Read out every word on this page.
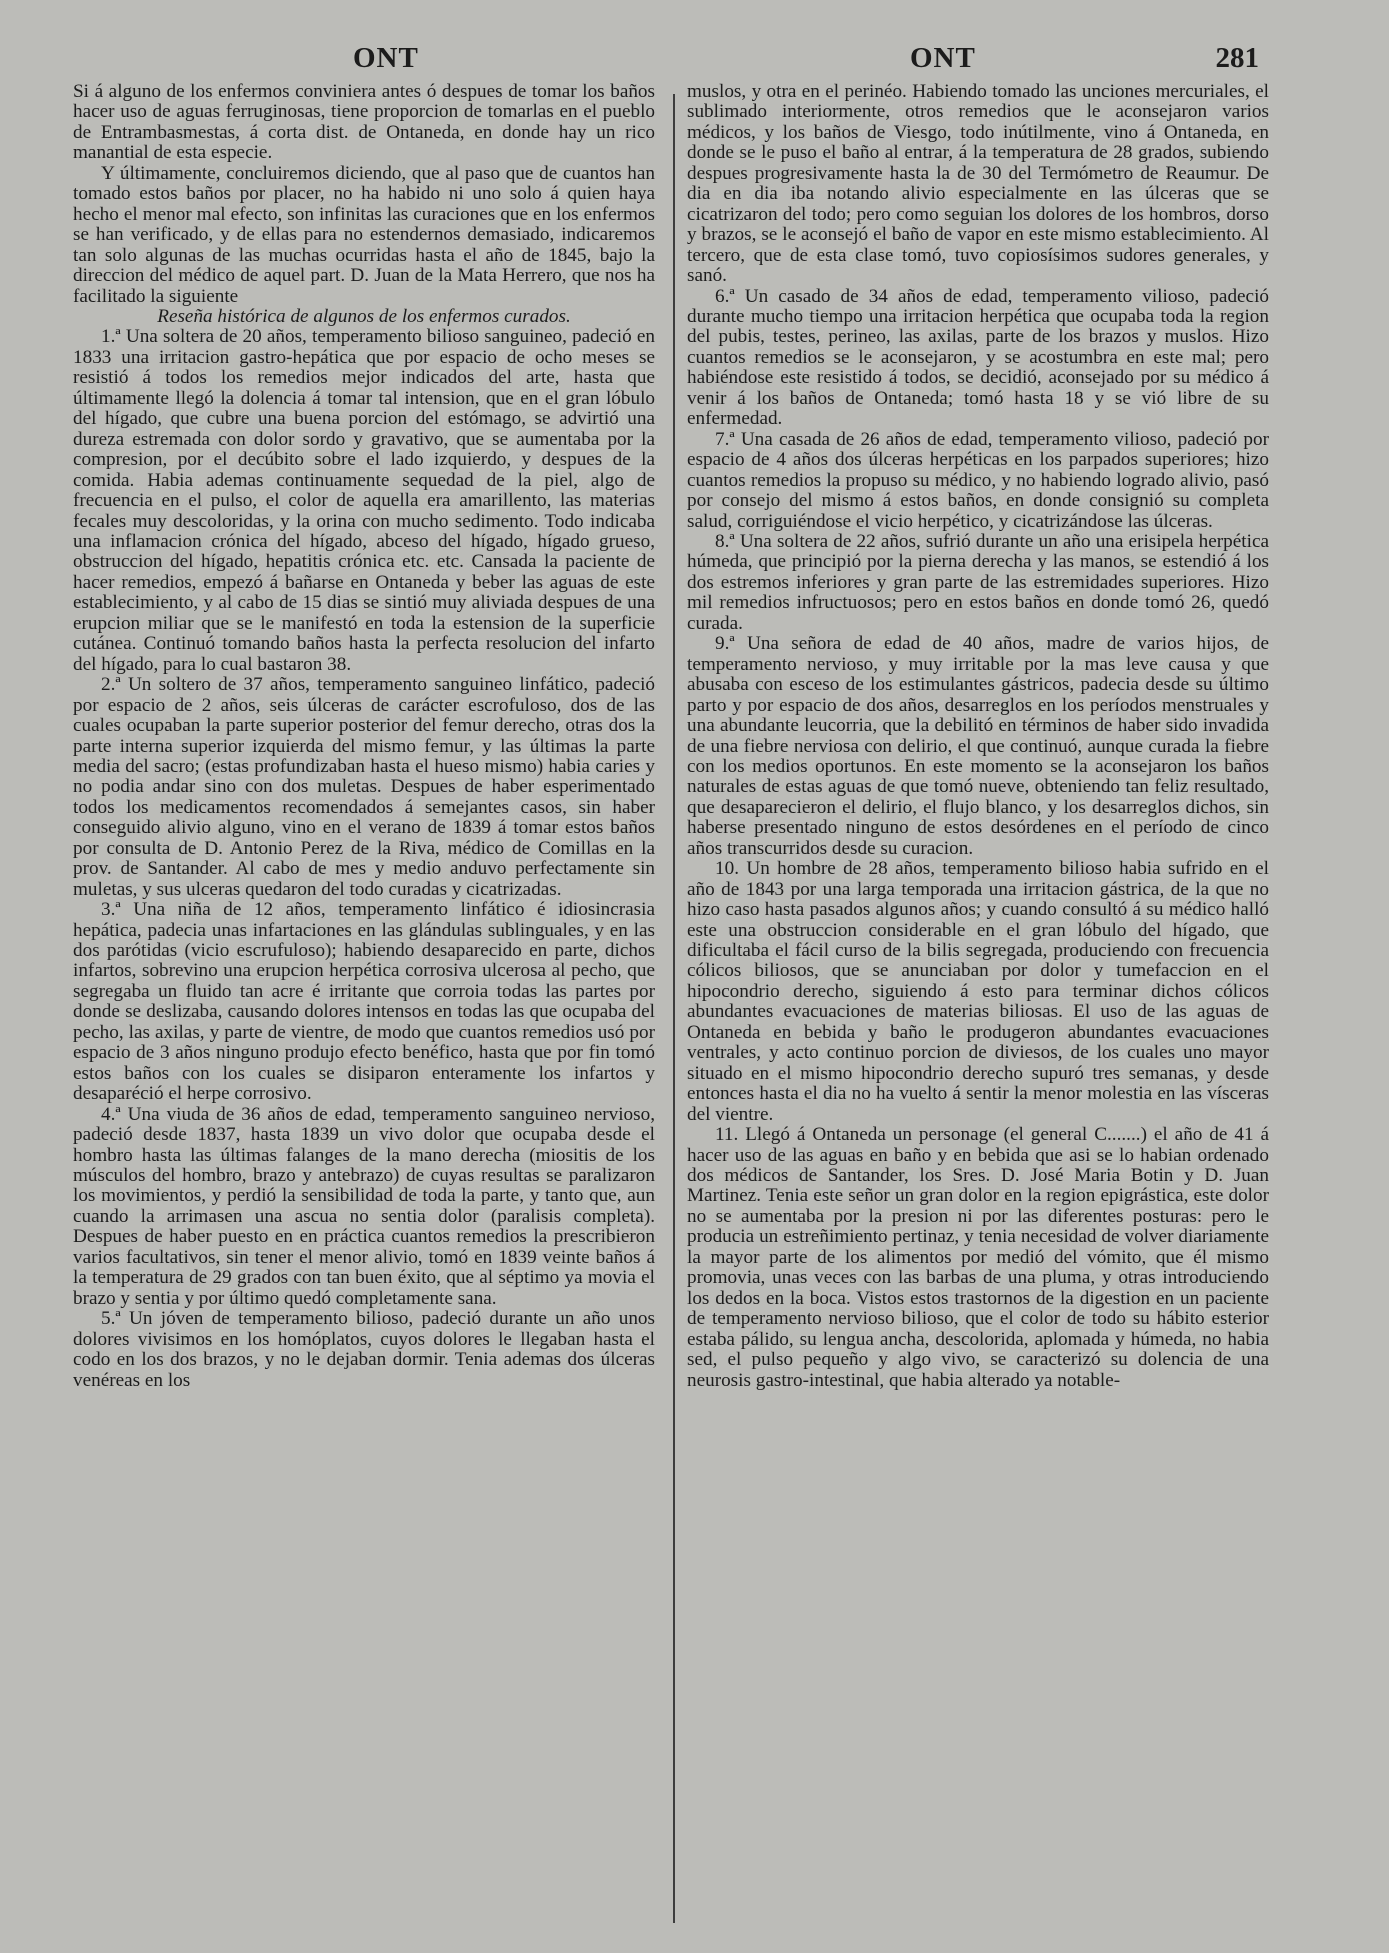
ONT	ONT	281

Si á alguno de los enfermos conviniera antes ó despues de tomar los baños hacer uso de aguas ferruginosas, tiene proporcion de tomarlas en el pueblo de Entrambasmestas, á corta dist. de Ontaneda, en donde hay un rico manantial de esta especie.

Y últimamente, concluiremos diciendo, que al paso que de cuantos han tomado estos baños por placer, no ha habido ni uno solo á quien haya hecho el menor mal efecto, son infinitas las curaciones que en los enfermos se han verificado, y de ellas para no estendernos demasiado, indicaremos tan solo algunas de las muchas ocurridas hasta el año de 1845, bajo la direccion del médico de aquel part. D. Juan de la Mata Herrero, que nos ha facilitado la siguiente

Reseña histórica de algunos de los enfermos curados.

1.ª Una soltera de 20 años, temperamento bilioso sanguineo, padeció en 1833 una irritacion gastro-hepática que por espacio de ocho meses se resistió á todos los remedios mejor indicados del arte, hasta que últimamente llegó la dolencia á tomar tal intension, que en el gran lóbulo del hígado, que cubre una buena porcion del estómago, se advirtió una dureza estremada con dolor sordo y gravativo, que se aumentaba por la compresion, por el decúbito sobre el lado izquierdo, y despues de la comida. Habia ademas continuamente sequedad de la piel, algo de frecuencia en el pulso, el color de aquella era amarillento, las materias fecales muy descoloridas, y la orina con mucho sedimento. Todo indicaba una inflamacion crónica del hígado, abceso del hígado, hígado grueso, obstruccion del hígado, hepatitis crónica etc. etc. Cansada la paciente de hacer remedios, empezó á bañarse en Ontaneda y beber las aguas de este establecimiento, y al cabo de 15 dias se sintió muy aliviada despues de una erupcion miliar que se le manifestó en toda la estension de la superficie cutánea. Continuó tomando baños hasta la perfecta resolucion del infarto del hígado, para lo cual bastaron 38.

2.ª Un soltero de 37 años, temperamento sanguineo linfático, padeció por espacio de 2 años, seis úlceras de carácter escrofuloso, dos de las cuales ocupaban la parte superior posterior del femur derecho, otras dos la parte interna superior izquierda del mismo femur, y las últimas la parte media del sacro; (estas profundizaban hasta el hueso mismo) habia caries y no podia andar sino con dos muletas. Despues de haber esperimentado todos los medicamentos recomendados á semejantes casos, sin haber conseguido alivio alguno, vino en el verano de 1839 á tomar estos baños por consulta de D. Antonio Perez de la Riva, médico de Comillas en la prov. de Santander. Al cabo de mes y medio anduvo perfectamente sin muletas, y sus ulceras quedaron del todo curadas y cicatrizadas.

3.ª Una niña de 12 años, temperamento linfático é idiosincrasia hepática, padecia unas infartaciones en las glándulas sublinguales, y en las dos parótidas (vicio escrufuloso); habiendo desaparecido en parte, dichos infartos, sobrevino una erupcion herpética corrosiva ulcerosa al pecho, que segregaba un fluido tan acre é irritante que corroia todas las partes por donde se deslizaba, causando dolores intensos en todas las que ocupaba del pecho, las axilas, y parte de vientre, de modo que cuantos remedios usó por espacio de 3 años ninguno produjo efecto benéfico, hasta que por fin tomó estos baños con los cuales se disiparon enteramente los infartos y desaparéció el herpe corrosivo.

4.ª Una viuda de 36 años de edad, temperamento sanguineo nervioso, padeció desde 1837, hasta 1839 un vivo dolor que ocupaba desde el hombro hasta las últimas falanges de la mano derecha (miositis de los músculos del hombro, brazo y antebrazo) de cuyas resultas se paralizaron los movimientos, y perdió la sensibilidad de toda la parte, y tanto que, aun cuando la arrimasen una ascua no sentia dolor (paralisis completa). Despues de haber puesto en en práctica cuantos remedios la prescribieron varios facultativos, sin tener el menor alivio, tomó en 1839 veinte baños á la temperatura de 29 grados con tan buen éxito, que al séptimo ya movia el brazo y sentia y por último quedó completamente sana.

5.ª Un jóven de temperamento bilioso, padeció durante un año unos dolores vivisimos en los homóplatos, cuyos dolores le llegaban hasta el codo en los dos brazos, y no le dejaban dormir. Tenia ademas dos úlceras venéreas en los

muslos, y otra en el perinéo. Habiendo tomado las unciones mercuriales, el sublimado interiormente, otros remedios que le aconsejaron varios médicos, y los baños de Viesgo, todo inútilmente, vino á Ontaneda, en donde se le puso el baño al entrar, á la temperatura de 28 grados, subiendo despues progresivamente hasta la de 30 del Termómetro de Reaumur. De dia en dia iba notando alivio especialmente en las úlceras que se cicatrizaron del todo; pero como seguian los dolores de los hombros, dorso y brazos, se le aconsejó el baño de vapor en este mismo establecimiento. Al tercero, que de esta clase tomó, tuvo copiosísimos sudores generales, y sanó.

6.ª Un casado de 34 años de edad, temperamento vilioso, padeció durante mucho tiempo una irritacion herpética que ocupaba toda la region del pubis, testes, perineo, las axilas, parte de los brazos y muslos. Hizo cuantos remedios se le aconsejaron, y se acostumbra en este mal; pero habiéndose este resistido á todos, se decidió, aconsejado por su médico á venir á los baños de Ontaneda; tomó hasta 18 y se vió libre de su enfermedad.

7.ª Una casada de 26 años de edad, temperamento vilioso, padeció por espacio de 4 años dos úlceras herpéticas en los parpados superiores; hizo cuantos remedios la propuso su médico, y no habiendo logrado alivio, pasó por consejo del mismo á estos baños, en donde consignió su completa salud, corriguiéndose el vicio herpético, y cicatrizándose las úlceras.

8.ª Una soltera de 22 años, sufrió durante un año una erisipela herpética húmeda, que principió por la pierna derecha y las manos, se estendió á los dos estremos inferiores y gran parte de las estremidades superiores. Hizo mil remedios infructuosos; pero en estos baños en donde tomó 26, quedó curada.

9.ª Una señora de edad de 40 años, madre de varios hijos, de temperamento nervioso, y muy irritable por la mas leve causa y que abusaba con esceso de los estimulantes gástricos, padecia desde su último parto y por espacio de dos años, desarreglos en los períodos menstruales y una abundante leucorria, que la debilitó en términos de haber sido invadida de una fiebre nerviosa con delirio, el que continuó, aunque curada la fiebre con los medios oportunos. En este momento se la aconsejaron los baños naturales de estas aguas de que tomó nueve, obteniendo tan feliz resultado, que desaparecieron el delirio, el flujo blanco, y los desarreglos dichos, sin haberse presentado ninguno de estos desórdenes en el período de cinco años transcurridos desde su curacion.

10. Un hombre de 28 años, temperamento bilioso habia sufrido en el año de 1843 por una larga temporada una irritacion gástrica, de la que no hizo caso hasta pasados algunos años; y cuando consultó á su médico halló este una obstruccion considerable en el gran lóbulo del hígado, que dificultaba el fácil curso de la bilis segregada, produciendo con frecuencia cólicos biliosos, que se anunciaban por dolor y tumefaccion en el hipocondrio derecho, siguiendo á esto para terminar dichos cólicos abundantes evacuaciones de materias biliosas. El uso de las aguas de Ontaneda en bebida y baño le produgeron abundantes evacuaciones ventrales, y acto continuo porcion de diviesos, de los cuales uno mayor situado en el mismo hipocondrio derecho supuró tres semanas, y desde entonces hasta el dia no ha vuelto á sentir la menor molestia en las vísceras del vientre.

11. Llegó á Ontaneda un personage (el general C.......) el año de 41 á hacer uso de las aguas en baño y en bebida que asi se lo habian ordenado dos médicos de Santander, los Sres. D. José Maria Botin y D. Juan Martinez. Tenia este señor un gran dolor en la region epigrástica, este dolor no se aumentaba por la presion ni por las diferentes posturas: pero le producia un estreñimiento pertinaz, y tenia necesidad de volver diariamente la mayor parte de los alimentos por medió del vómito, que él mismo promovia, unas veces con las barbas de una pluma, y otras introduciendo los dedos en la boca. Vistos estos trastornos de la digestion en un paciente de temperamento nervioso bilioso, que el color de todo su hábito esterior estaba pálido, su lengua ancha, descolorida, aplomada y húmeda, no habia sed, el pulso pequeño y algo vivo, se caracterizó su dolencia de una neurosis gastro-intestinal, que habia alterado ya notable-
